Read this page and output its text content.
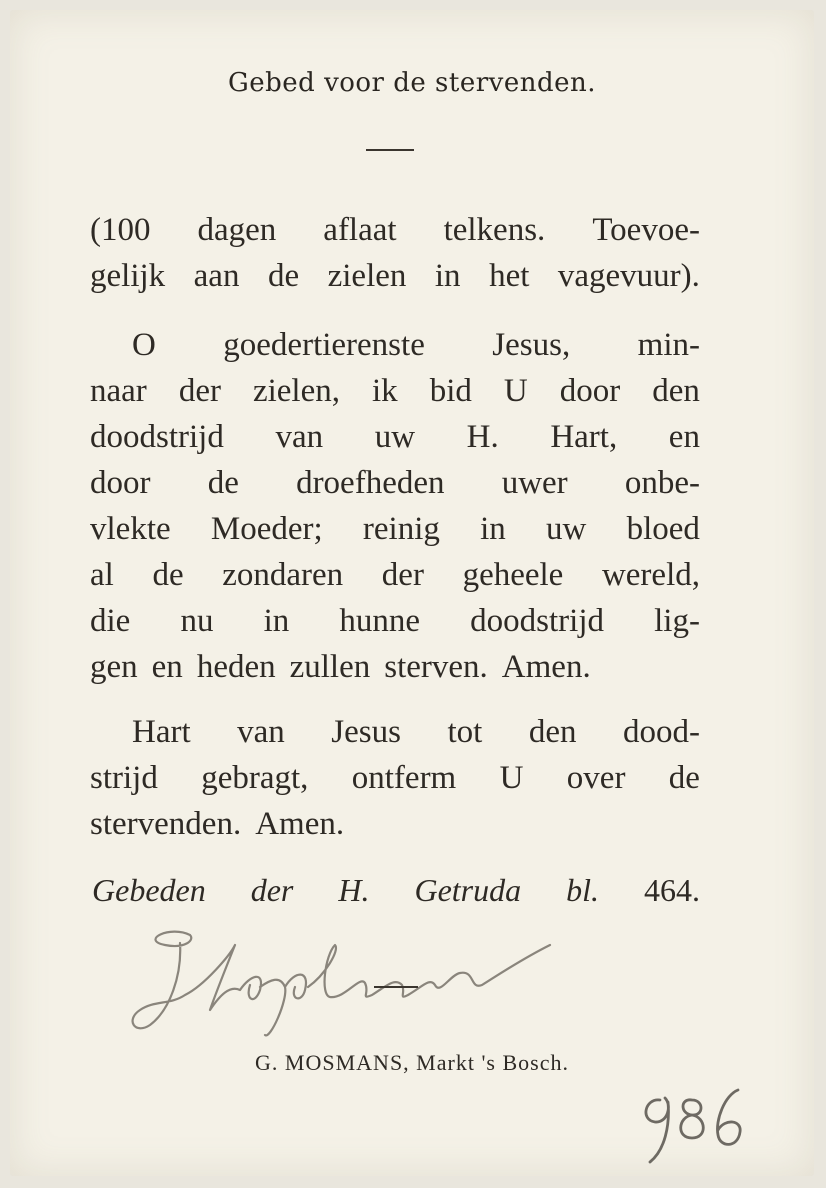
Gebed voor de stervenden.
(100 dagen aflaat telkens. Toevoe-
gelijk aan de zielen in het vagevuur).
O goedertierenste Jesus, min-
naar der zielen, ik bid U door den
doodstrijd van uw H. Hart, en
door de droefheden uwer onbe-
vlekte Moeder; reinig in uw bloed
al de zondaren der geheele wereld,
die nu in hunne doodstrijd lig-
gen en heden zullen sterven. Amen.
Hart van Jesus tot den dood-
strijd gebragt, ontferm U over de
stervenden. Amen.
Gebeden der H. Getruda bl. 464.
G. MOSMANS, Markt 's Bosch.
